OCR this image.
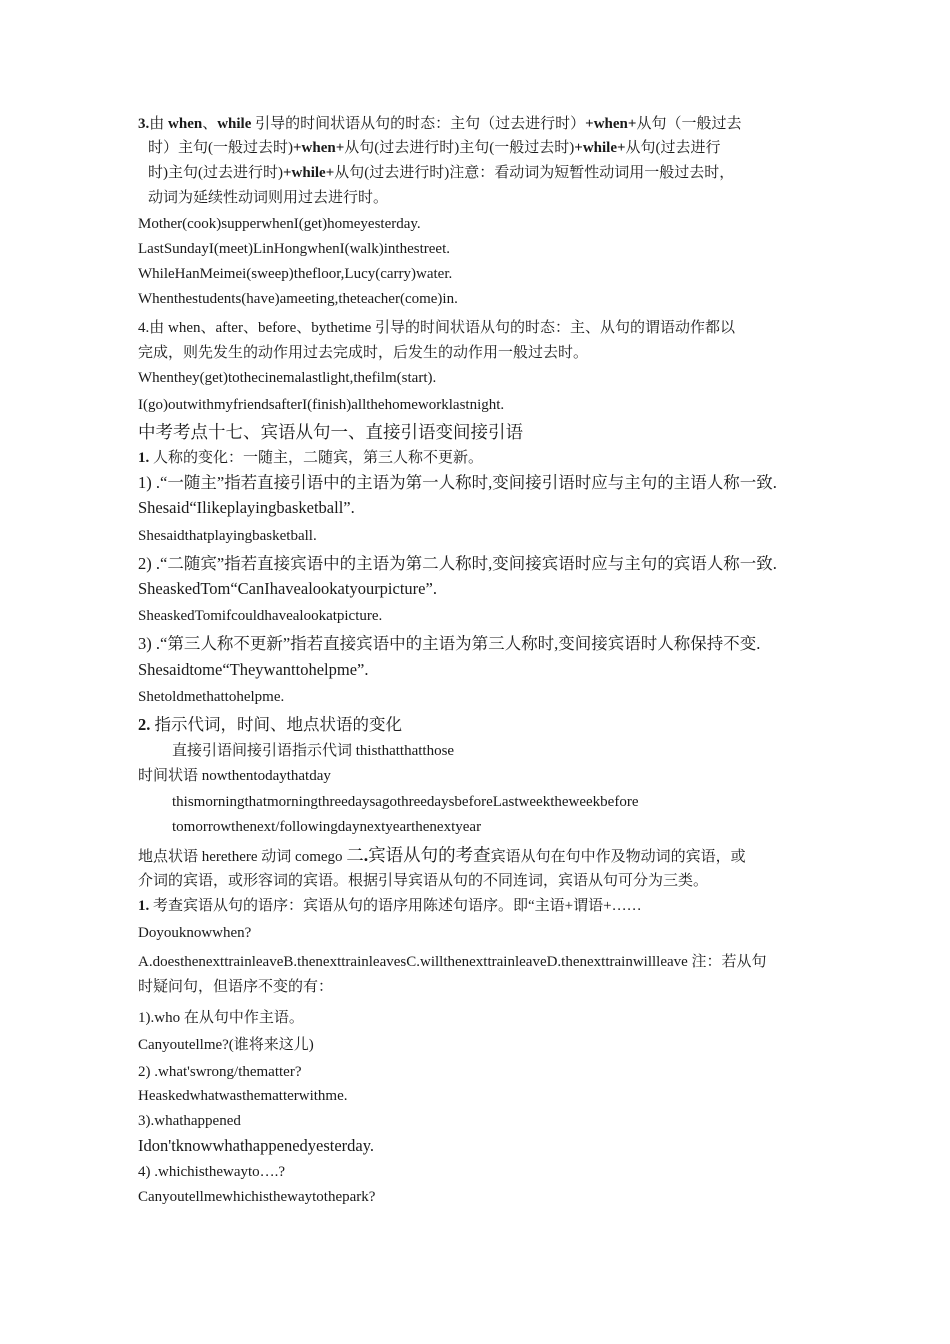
3.由 when、while 引导的时间状语从句的时态：主句（过去进行时）+when+从句（一般过去
时）主句(一般过去时)+when+从句(过去进行时)主句(一般过去时)+while+从句(过去进行
时)主句(过去进行时)+while+从句(过去进行时)注意：看动词为短暂性动词用一般过去时，
动词为延续性动词则用过去进行时。
Mother(cook)supperwhenI(get)homeyesterday.
LastSundayI(meet)LinHongwhenI(walk)inthestreet.
WhileHanMeimei(sweep)thefloor,Lucy(carry)water.
Whenthestudents(have)ameeting,theteacher(come)in.
4.由 when、after、before、bythetime 引导的时间状语从句的时态：主、从句的谓语动作都以
完成，则先发生的动作用过去完成时，后发生的动作用一般过去时。
Whenthey(get)tothecinemalastlight,thefilm(start).
I(go)outwithmyfriendsafterI(finish)allthehomeworklastnight.
中考考点十七、宾语从句一、直接引语变间接引语
1. 人称的变化：一随主，二随宾，第三人称不更新。
1) .“一随主”指若直接引语中的主语为第一人称时,变间接引语时应与主句的主语人称一致.
Shesaid“Ilikeplayingbasketball”.
Shesaidthatplayingbasketball.
2) .“二随宾”指若直接宾语中的主语为第二人称时,变间接宾语时应与主句的宾语人称一致.
SheaskedTom“CanIhavealookatyourpicture”.
SheaskedTomifcouldhavealookatpicture.
3) .“第三人称不更新”指若直接宾语中的主语为第三人称时,变间接宾语时人称保持不变.
Shesaidtome“Theywanttohelpme”.
Shetoldmethattohelpme.
2. 指示代词，时间、地点状语的变化
直接引语间接引语指示代词 thisthatthatthose
时间状语 nowthentodaythatday
thismorningthatmorningthreedaysagothreedaysbeforeLastweektheweekbefore
tomorrowthenext/followingdaynextyearthenextyear
地点状语 herethere 动词 comego 二.宾语从句的考查宾语从句在句中作及物动词的宾语，或
介词的宾语，或形容词的宾语。根据引导宾语从句的不同连词，宾语从句可分为三类。
1. 考查宾语从句的语序：宾语从句的语序用陈述句语序。即“主语+谓语+……
Doyouknowwhen?
A.doesthenexttrainleaveB.thenexttrainleavesC.willthenexttrainleaveD.thenexttrainwillleave 注：若从句
时疑问句，但语序不变的有：
1).who 在从句中作主语。
Canyoutellme?(谁将来这儿)
2) .what'swrong/thematter?
Heaskedwhatwasthematterwithme.
3).whathappened
Idon'tknowwhathappenedyesterday.
4) .whichisthewayto….?
Canyoutellmewhichisthewaytothepark?
